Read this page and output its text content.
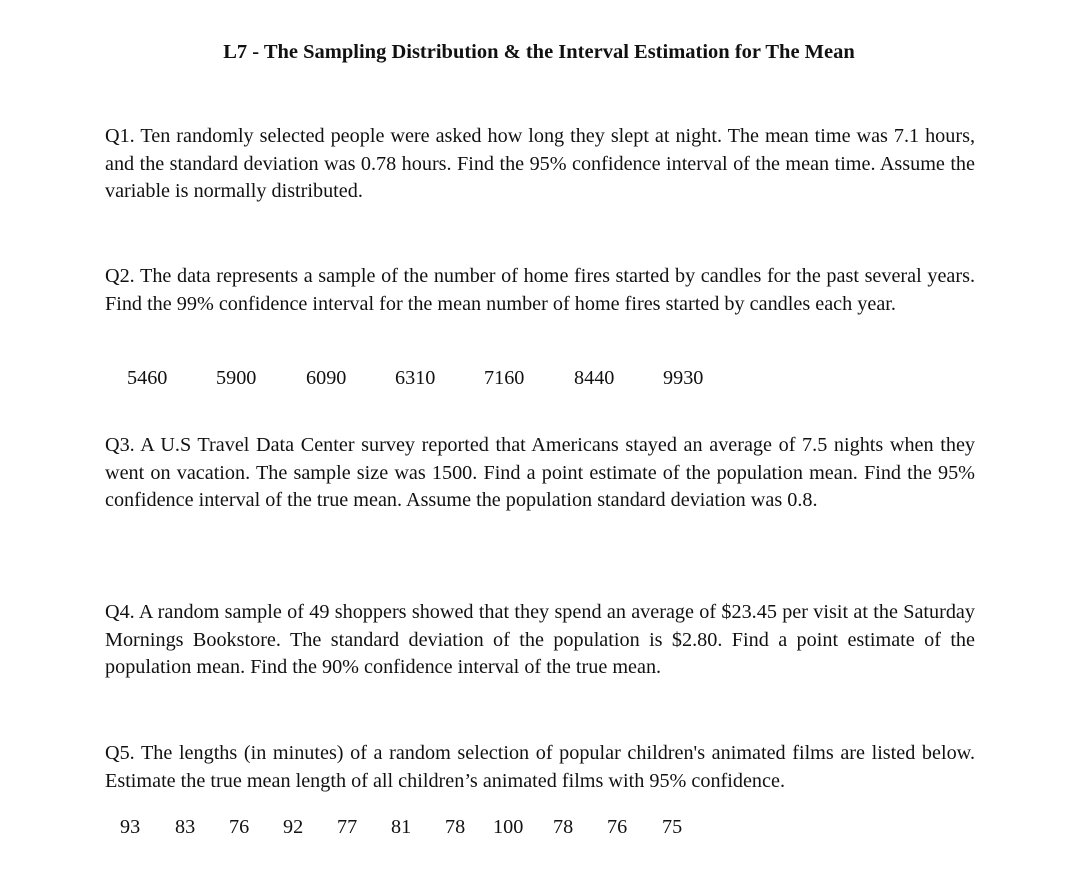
L7 - The Sampling Distribution & the Interval Estimation for The Mean

Q1. Ten randomly selected people were asked how long they slept at night. The mean time was 7.1 hours, and the standard deviation was 0.78 hours. Find the 95% confidence interval of the mean time. Assume the variable is normally distributed.

Q2. The data represents a sample of the number of home fires started by candles for the past several years. Find the 99% confidence interval for the mean number of home fires started by candles each year.

5460 5900 6090 6310 7160 8440 9930

Q3. A U.S Travel Data Center survey reported that Americans stayed an average of 7.5 nights when they went on vacation. The sample size was 1500. Find a point estimate of the population mean. Find the 95% confidence interval of the true mean. Assume the population standard deviation was 0.8.

Q4. A random sample of 49 shoppers showed that they spend an average of $23.45 per visit at the Saturday Mornings Bookstore. The standard deviation of the population is $2.80. Find a point estimate of the population mean. Find the 90% confidence interval of the true mean.

Q5. The lengths (in minutes) of a random selection of popular children's animated films are listed below. Estimate the true mean length of all children’s animated films with 95% confidence.

93 83 76 92 77 81 78 100 78 76 75
